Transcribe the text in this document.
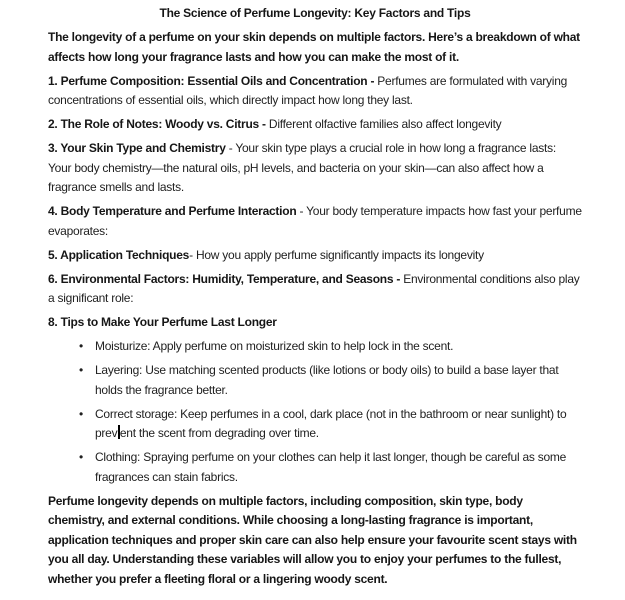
The Science of Perfume Longevity: Key Factors and Tips

The longevity of a perfume on your skin depends on multiple factors. Here’s a breakdown of what affects how long your fragrance lasts and how you can make the most of it.

1. Perfume Composition: Essential Oils and Concentration - Perfumes are formulated with varying concentrations of essential oils, which directly impact how long they last.

2. The Role of Notes: Woody vs. Citrus - Different olfactive families also affect longevity

3. Your Skin Type and Chemistry - Your skin type plays a crucial role in how long a fragrance lasts: Your body chemistry—the natural oils, pH levels, and bacteria on your skin—can also affect how a fragrance smells and lasts.

4. Body Temperature and Perfume Interaction - Your body temperature impacts how fast your perfume evaporates:

5. Application Techniques- How you apply perfume significantly impacts its longevity

6. Environmental Factors: Humidity, Temperature, and Seasons - Environmental conditions also play a significant role:

8. Tips to Make Your Perfume Last Longer

•	Moisturize: Apply perfume on moisturized skin to help lock in the scent.
•	Layering: Use matching scented products (like lotions or body oils) to build a base layer that holds the fragrance better.
•	Correct storage: Keep perfumes in a cool, dark place (not in the bathroom or near sunlight) to prev ent the scent from degrading over time.
•	Clothing: Spraying perfume on your clothes can help it last longer, though be careful as some fragrances can stain fabrics.

Perfume longevity depends on multiple factors, including composition, skin type, body chemistry, and external conditions. While choosing a long-lasting fragrance is important, application techniques and proper skin care can also help ensure your favourite scent stays with you all day. Understanding these variables will allow you to enjoy your perfumes to the fullest, whether you prefer a fleeting floral or a lingering woody scent.
